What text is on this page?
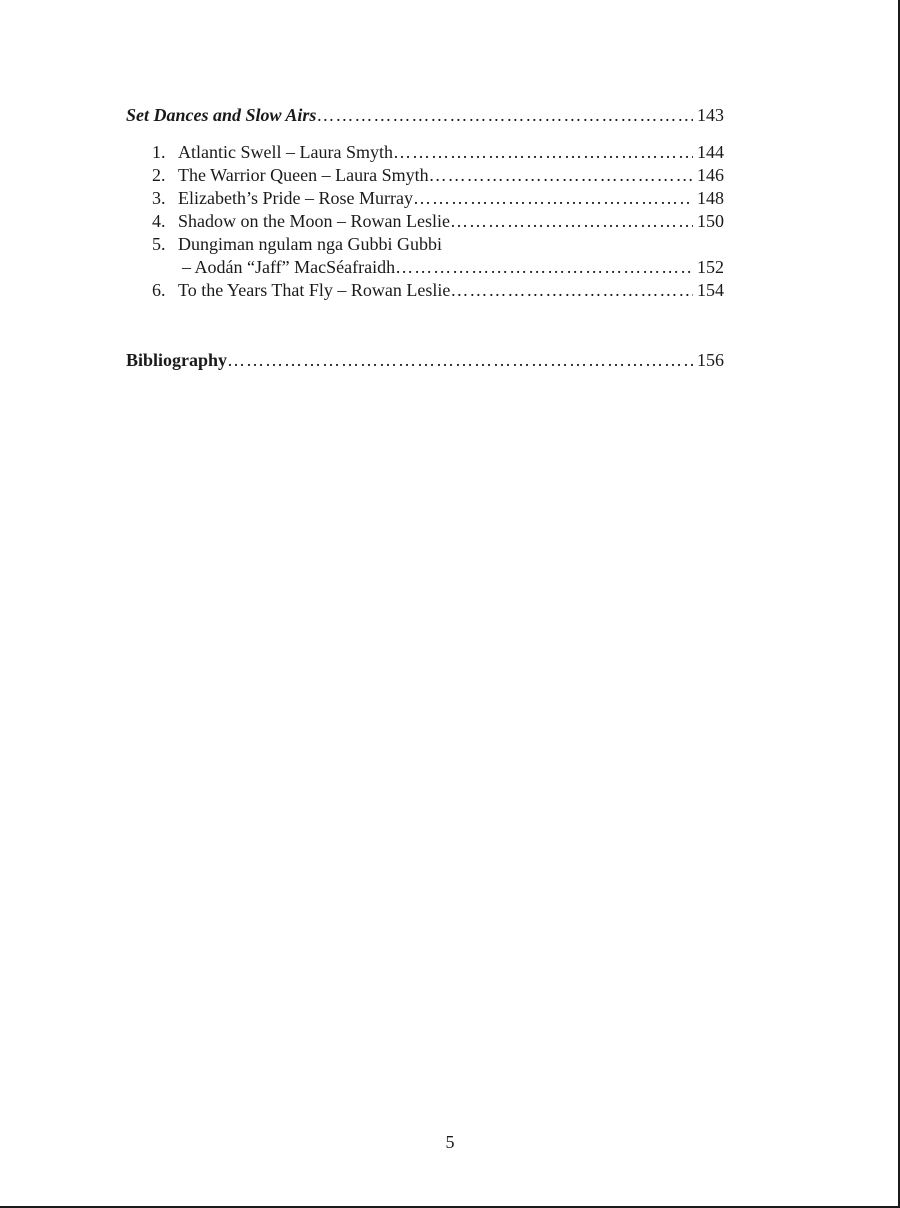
Set Dances and Slow Airs …………………………………………………………………………………………………………………………………………………………	143
1. Atlantic Swell – Laura Smyth …………………………………………………………………………………………………………………………………………………………	144
2. The Warrior Queen – Laura Smyth …………………………………………………………………………………………………………………………………………………………	146
3. Elizabeth’s Pride – Rose Murray …………………………………………………………………………………………………………………………………………………………	148
4. Shadow on the Moon – Rowan Leslie …………………………………………………………………………………………………………………………………………………………	150
5. Dungiman ngulam nga Gubbi Gubbi
– Aodán “Jaff” MacSéafraidh …………………………………………………………………………………………………………………………………………………………	152
6. To the Years That Fly – Rowan Leslie …………………………………………………………………………………………………………………………………………………………	154
Bibliography …………………………………………………………………………………………………………………………………………………………	156
5
